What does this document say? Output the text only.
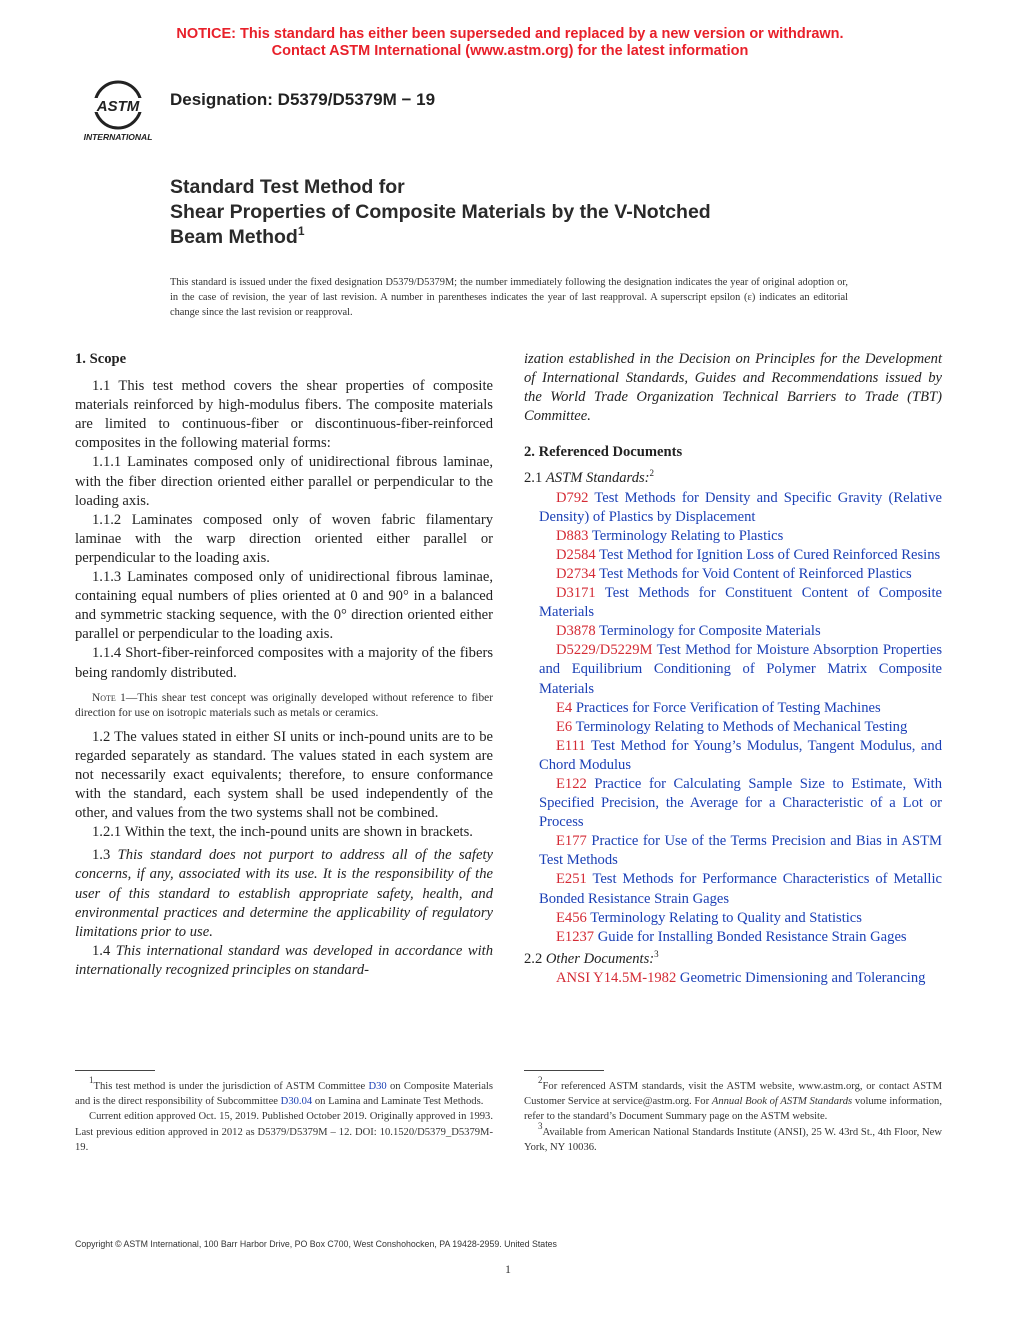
NOTICE: This standard has either been superseded and replaced by a new version or withdrawn.
Contact ASTM International (www.astm.org) for the latest information
ASTM
INTERNATIONAL
Designation: D5379/D5379M − 19
Standard Test Method for
Shear Properties of Composite Materials by the V-Notched
Beam Method$^1$
This standard is issued under the fixed designation D5379/D5379M; the number immediately following the designation indicates the year of original adoption or, in the case of revision, the year of last revision. A number in parentheses indicates the year of last reapproval. A superscript epsilon (ε) indicates an editorial change since the last revision or reapproval.
1. Scope

1.1 This test method covers the shear properties of composite materials reinforced by high-modulus fibers. The composite materials are limited to continuous-fiber or discontinuous-fiber-reinforced composites in the following material forms:

1.1.1 Laminates composed only of unidirectional fibrous laminae, with the fiber direction oriented either parallel or perpendicular to the loading axis.

1.1.2 Laminates composed only of woven fabric filamentary laminae with the warp direction oriented either parallel or perpendicular to the loading axis.

1.1.3 Laminates composed only of unidirectional fibrous laminae, containing equal numbers of plies oriented at 0 and 90° in a balanced and symmetric stacking sequence, with the 0° direction oriented either parallel or perpendicular to the loading axis.

1.1.4 Short-fiber-reinforced composites with a majority of the fibers being randomly distributed.

Note 1—This shear test concept was originally developed without reference to fiber direction for use on isotropic materials such as metals or ceramics.

1.2 The values stated in either SI units or inch-pound units are to be regarded separately as standard. The values stated in each system are not necessarily exact equivalents; therefore, to ensure conformance with the standard, each system shall be used independently of the other, and values from the two systems shall not be combined.

1.2.1 Within the text, the inch-pound units are shown in brackets.

1.3 This standard does not purport to address all of the safety concerns, if any, associated with its use. It is the responsibility of the user of this standard to establish appropriate safety, health, and environmental practices and determine the applicability of regulatory limitations prior to use.

1.4 This international standard was developed in accordance with internationally recognized principles on standard-

ization established in the Decision on Principles for the Development of International Standards, Guides and Recommendations issued by the World Trade Organization Technical Barriers to Trade (TBT) Committee.

2. Referenced Documents

2.1 ASTM Standards:$^2$

D792 Test Methods for Density and Specific Gravity (Relative Density) of Plastics by Displacement

D883 Terminology Relating to Plastics

D2584 Test Method for Ignition Loss of Cured Reinforced Resins

D2734 Test Methods for Void Content of Reinforced Plastics

D3171 Test Methods for Constituent Content of Composite Materials

D3878 Terminology for Composite Materials

D5229/D5229M Test Method for Moisture Absorption Properties and Equilibrium Conditioning of Polymer Matrix Composite Materials

E4 Practices for Force Verification of Testing Machines

E6 Terminology Relating to Methods of Mechanical Testing

E111 Test Method for Young’s Modulus, Tangent Modulus, and Chord Modulus

E122 Practice for Calculating Sample Size to Estimate, With Specified Precision, the Average for a Characteristic of a Lot or Process

E177 Practice for Use of the Terms Precision and Bias in ASTM Test Methods

E251 Test Methods for Performance Characteristics of Metallic Bonded Resistance Strain Gages

E456 Terminology Relating to Quality and Statistics

E1237 Guide for Installing Bonded Resistance Strain Gages

2.2 Other Documents:$^3$

ANSI Y14.5M-1982 Geometric Dimensioning and Tolerancing

$^1$This test method is under the jurisdiction of ASTM Committee D30 on Composite Materials and is the direct responsibility of Subcommittee D30.04 on Lamina and Laminate Test Methods.

Current edition approved Oct. 15, 2019. Published October 2019. Originally approved in 1993. Last previous edition approved in 2012 as D5379/D5379M – 12. DOI: 10.1520/D5379_D5379M-19.

$^2$For referenced ASTM standards, visit the ASTM website, www.astm.org, or contact ASTM Customer Service at service@astm.org. For Annual Book of ASTM Standards volume information, refer to the standard’s Document Summary page on the ASTM website.

$^3$Available from American National Standards Institute (ANSI), 25 W. 43rd St., 4th Floor, New York, NY 10036.

Copyright © ASTM International, 100 Barr Harbor Drive, PO Box C700, West Conshohocken, PA 19428-2959. United States
1
